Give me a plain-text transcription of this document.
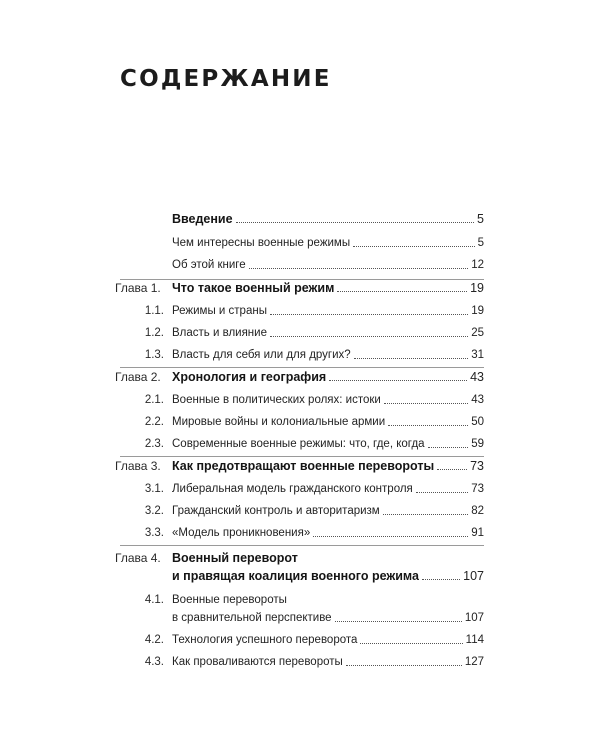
СОДЕРЖАНИЕ
Введение	5
Чем интересны военные режимы	5
Об этой книге	12
Глава 1. Что такое военный режим	19
1.1. Режимы и страны	19
1.2. Власть и влияние	25
1.3. Власть для себя или для других?	31
Глава 2. Хронология и география	43
2.1. Военные в политических ролях: истоки	43
2.2. Мировые войны и колониальные армии	50
2.3. Современные военные режимы: что, где, когда	59
Глава 3. Как предотвращают военные перевороты	73
3.1. Либеральная модель гражданского контроля	73
3.2. Гражданский контроль и авторитаризм	82
3.3. «Модель проникновения»	91
Глава 4. Военный переворот
и правящая коалиция военного режима	107
4.1. Военные перевороты
в сравнительной перспективе	107
4.2. Технология успешного переворота	114
4.3. Как проваливаются перевороты	127
